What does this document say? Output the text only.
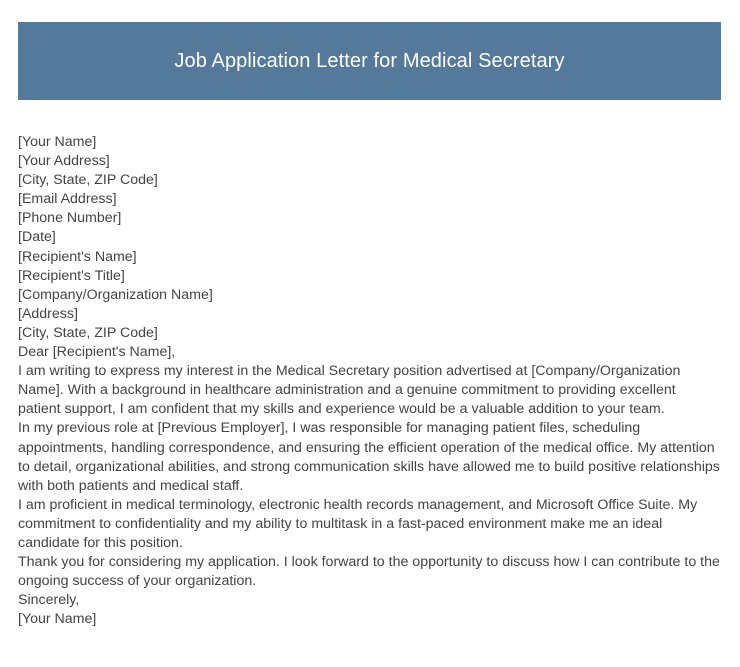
Job Application Letter for Medical Secretary
[Your Name]
[Your Address]
[City, State, ZIP Code]
[Email Address]
[Phone Number]
[Date]
[Recipient's Name]
[Recipient's Title]
[Company/Organization Name]
[Address]
[City, State, ZIP Code]
Dear [Recipient's Name],
I am writing to express my interest in the Medical Secretary position advertised at [Company/Organization Name]. With a background in healthcare administration and a genuine commitment to providing excellent patient support, I am confident that my skills and experience would be a valuable addition to your team.
In my previous role at [Previous Employer], I was responsible for managing patient files, scheduling appointments, handling correspondence, and ensuring the efficient operation of the medical office. My attention to detail, organizational abilities, and strong communication skills have allowed me to build positive relationships with both patients and medical staff.
I am proficient in medical terminology, electronic health records management, and Microsoft Office Suite. My commitment to confidentiality and my ability to multitask in a fast-paced environment make me an ideal candidate for this position.
Thank you for considering my application. I look forward to the opportunity to discuss how I can contribute to the ongoing success of your organization.
Sincerely,
[Your Name]
